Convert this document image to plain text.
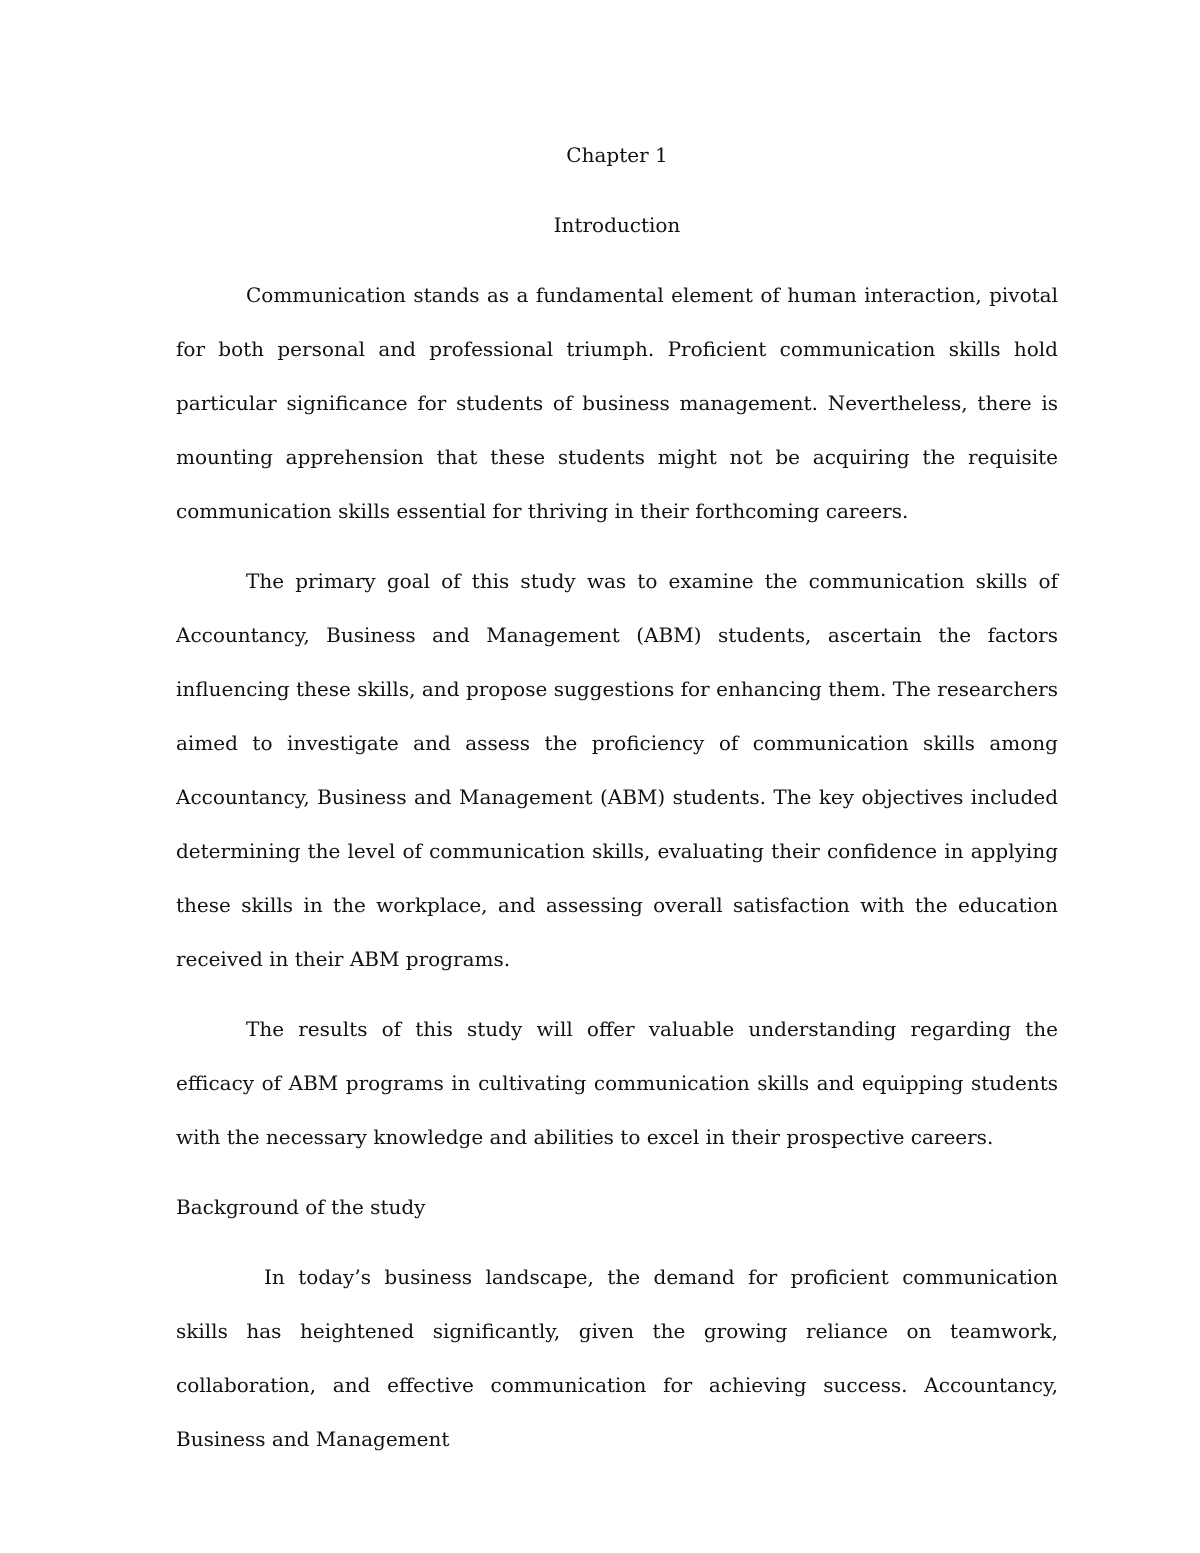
Chapter 1
Introduction

Communication stands as a fundamental element of human interaction, pivotal for both personal and professional triumph. Proficient communication skills hold particular significance for students of business management. Nevertheless, there is mounting apprehension that these students might not be acquiring the requisite communication skills essential for thriving in their forthcoming careers.

The primary goal of this study was to examine the communication skills of Accountancy, Business and Management (ABM) students, ascertain the factors influencing these skills, and propose suggestions for enhancing them. The researchers aimed to investigate and assess the proficiency of communication skills among Accountancy, Business and Management (ABM) students. The key objectives included determining the level of communication skills, evaluating their confidence in applying these skills in the workplace, and assessing overall satisfaction with the education received in their ABM programs.

The results of this study will offer valuable understanding regarding the efficacy of ABM programs in cultivating communication skills and equipping students with the necessary knowledge and abilities to excel in their prospective careers.

Background of the study

In today’s business landscape, the demand for proficient communication skills has heightened significantly, given the growing reliance on teamwork, collaboration, and effective communication for achieving success. Accountancy, Business and Management
